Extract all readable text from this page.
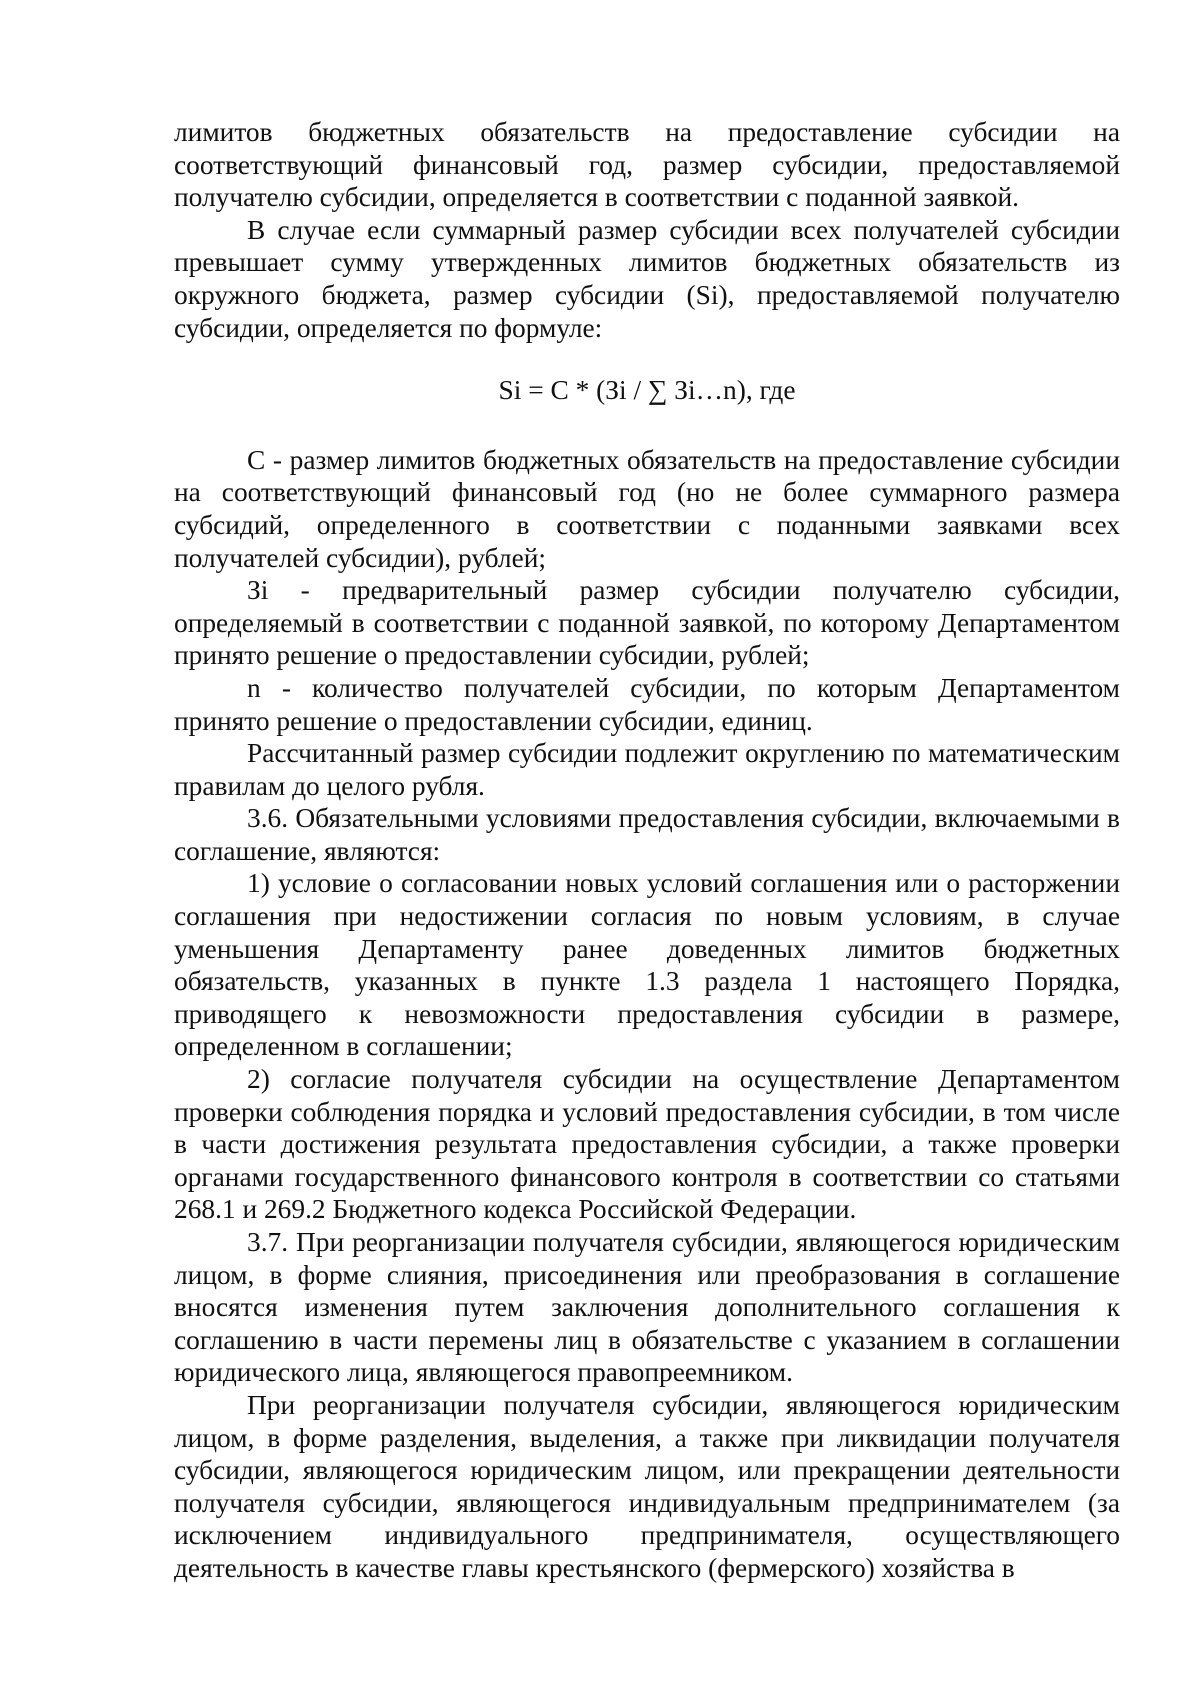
лимитов бюджетных обязательств на предоставление субсидии на соответствующий финансовый год, размер субсидии, предоставляемой получателю субсидии, определяется в соответствии с поданной заявкой.

В случае если суммарный размер субсидии всех получателей субсидии превышает сумму утвержденных лимитов бюджетных обязательств из окружного бюджета, размер субсидии (Si), предоставляемой получателю субсидии, определяется по формуле:

Si = C * (Зi / ∑ Зi…n), где

C - размер лимитов бюджетных обязательств на предоставление субсидии на соответствующий финансовый год (но не более суммарного размера субсидий, определенного в соответствии с поданными заявками всех получателей субсидии), рублей;

Зi - предварительный размер субсидии получателю субсидии, определяемый в соответствии с поданной заявкой, по которому Департаментом принято решение о предоставлении субсидии, рублей;

n - количество получателей субсидии, по которым Департаментом принято решение о предоставлении субсидии, единиц.

Рассчитанный размер субсидии подлежит округлению по математическим правилам до целого рубля.

3.6. Обязательными условиями предоставления субсидии, включаемыми в соглашение, являются:

1) условие о согласовании новых условий соглашения или о расторжении соглашения при недостижении согласия по новым условиям, в случае уменьшения Департаменту ранее доведенных лимитов бюджетных обязательств, указанных в пункте 1.3 раздела 1 настоящего Порядка, приводящего к невозможности предоставления субсидии в размере, определенном в соглашении;

2) согласие получателя субсидии на осуществление Департаментом проверки соблюдения порядка и условий предоставления субсидии, в том числе в части достижения результата предоставления субсидии, а также проверки органами государственного финансового контроля в соответствии со статьями 268.1 и 269.2 Бюджетного кодекса Российской Федерации.

3.7. При реорганизации получателя субсидии, являющегося юридическим лицом, в форме слияния, присоединения или преобразования в соглашение вносятся изменения путем заключения дополнительного соглашения к соглашению в части перемены лиц в обязательстве с указанием в соглашении юридического лица, являющегося правопреемником.

При реорганизации получателя субсидии, являющегося юридическим лицом, в форме разделения, выделения, а также при ликвидации получателя субсидии, являющегося юридическим лицом, или прекращении деятельности получателя субсидии, являющегося индивидуальным предпринимателем (за исключением индивидуального предпринимателя, осуществляющего деятельность в качестве главы крестьянского (фермерского) хозяйства в
